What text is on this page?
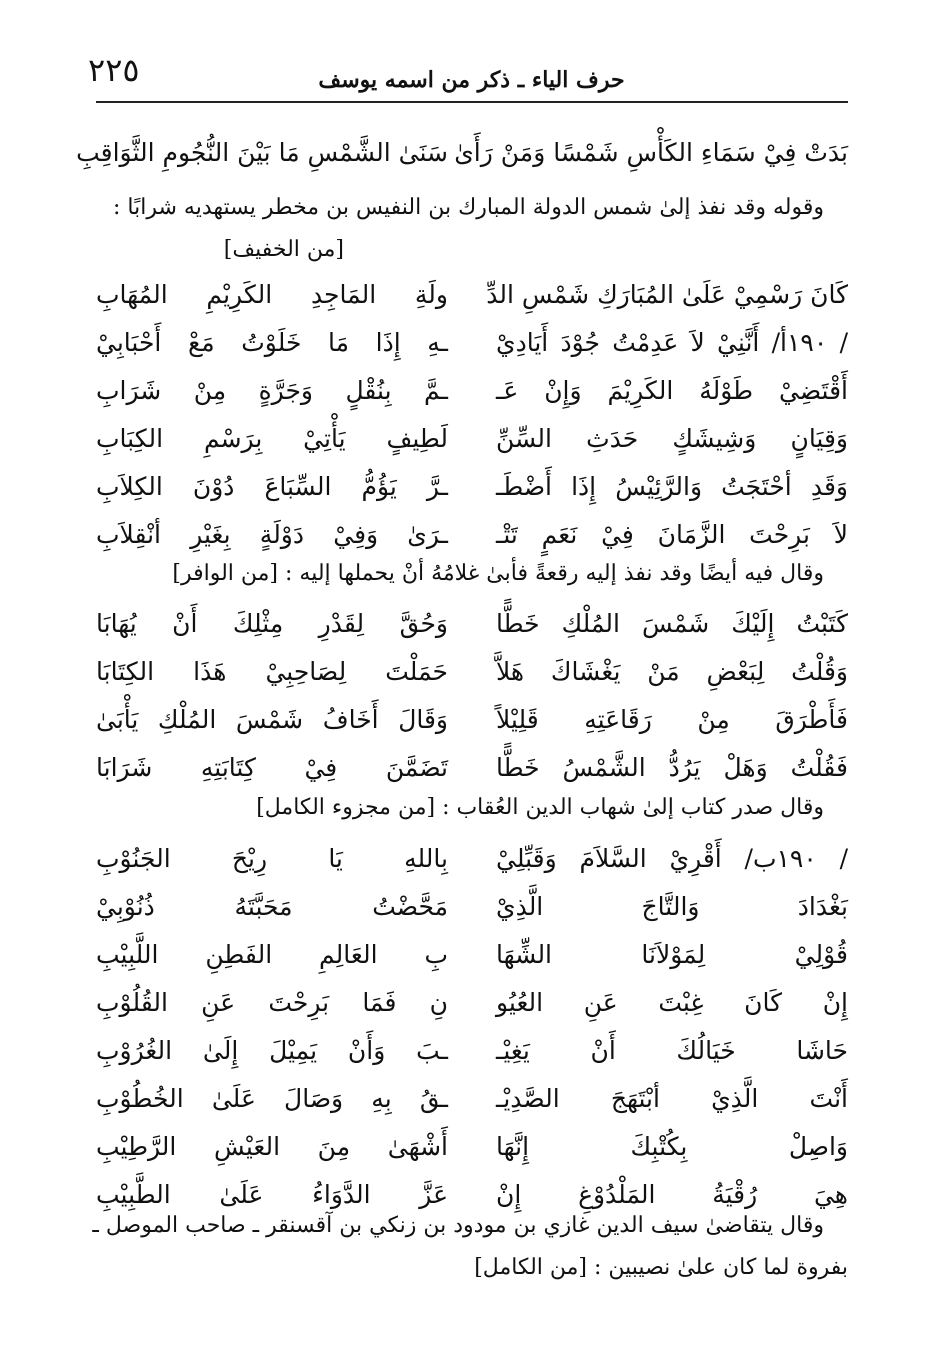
٢٢٥	حرف الياء ـ ذكر من اسمه يوسف
بَدَتْ فِيْ سَمَاءِ الكَأْسِ شَمْسًا وَمَنْ رَأَىٰ
سَنَىٰ الشَّمْسِ مَا بَيْنَ النُّجُومِ الثَّوَاقِبِ
وقوله وقد نفذ إلىٰ شمس الدولة المبارك بن النفيس بن مخطر يستهديه شرابًا :
[من الخفيف]
كَانَ رَسْمِيْ عَلَىٰ المُبَارَكِ شَمْسِ الدِّ
ولَةِ المَاجِدِ الكَرِيْمِ المُهَابِ
/ ١٩٠أ/ أَنَّنِيْ لاَ عَدِمْتُ جُوْدَ أَيَادِيْ
ـهِ إِذَا مَا خَلَوْتُ مَعْ أَحْبَابِيْ
أَقْتَضِيْ طَوْلَهُ الكَرِيْمَ وَإِنْ عَـ
ـمَّ بِنُقْلٍ وَجَرَّةٍ مِنْ شَرَابِ
وَقِيَانٍ وَشِيشَكٍ حَدَثِ السِّنِّ
لَطِيفٍ يَأْتِيْ بِرَسْمِ الكِبَابِ
وَقَدِ أحْتَجَتُ وَالرَّئِيْسُ إِذَا أَضْطَـ
ـرَّ يَؤُمُّ السِّبَاعَ دُوْنَ الكِلاَبِ
لاَ بَرِحْتَ الزَّمَانَ فِيْ نَعَمٍ تَتْـ
ـرَىٰ وَفِيْ دَوْلَةٍ بِغَيْرِ أنْقِلاَبِ
وقال فيه أيضًا وقد نفذ إليه رقعةً فأبىٰ غلامُهُ أنْ يحملها إليه : [من الوافر]
كَتَبْتُ إِلَيْكَ شَمْسَ المُلْكِ خَطًّا
وَحُقَّ لِقَدْرِ مِثْلِكَ أَنْ يُهَابَا
وَقُلْتُ لِبَعْضِ مَنْ يَغْشَاكَ هَلاَّ
حَمَلْتَ لِصَاحِبِيْ هَذَا الكِتَابَا
فَأَطْرَقَ مِنْ رَقَاعَتِهِ قَلِيْلاً
وَقَالَ أَخَافُ شَمْسَ المُلْكِ يَأْبَىٰ
فَقُلْتُ وَهَلْ يَرُدُّ الشَّمْسُ خَطًّا
تَضَمَّنَ فِيْ كِتَابَتِهِ شَرَابَا
وقال صدر كتاب إلىٰ شهاب الدين العُقاب : [من مجزوء الكامل]
/ ١٩٠ب/ أَقْرِيْ السَّلاَمَ وَقَبِّلِيْ
بِاللهِ يَا رِيْحَ الجَنُوْبِ
بَغْدَادَ وَالتَّاجَ الَّذِيْ
مَحَّضْتُ مَحَبَّتَهُ ذُنُوْبِيْ
قُوْلِيْ لِمَوْلاَنَا الشِّهَا
بِ العَالِمِ الفَطِنِ اللَّبِيْبِ
إِنْ كَانَ غِبْتَ عَنِ العُيُو
نِ فَمَا بَرِحْتَ عَنِ القُلُوْبِ
حَاشَا خَيَالُكَ أَنْ يَغِيْـ
ـبَ وَأَنْ يَمِيْلَ إِلَىٰ الغُرُوْبِ
أَنْتَ الَّذِيْ أبْتَهَجَ الصَّدِيْـ
ـقُ بِهِ وَصَالَ عَلَىٰ الخُطُوْبِ
وَاصِلْ بِكُتْبِكَ إِنَّهَا
أَشْهَىٰ مِنَ العَيْشِ الرَّطِيْبِ
هِيَ رُقْيَةُ المَلْدُوْغِ إِنْ
عَزَّ الدَّوَاءُ عَلَىٰ الطَّبِيْبِ
وقال يتقاضىٰ سيف الدين غازي بن مودود بن زنكي بن آقسنقر ـ صاحب الموصل ـ
بفروة لما كان علىٰ نصيبين : [من الكامل]
